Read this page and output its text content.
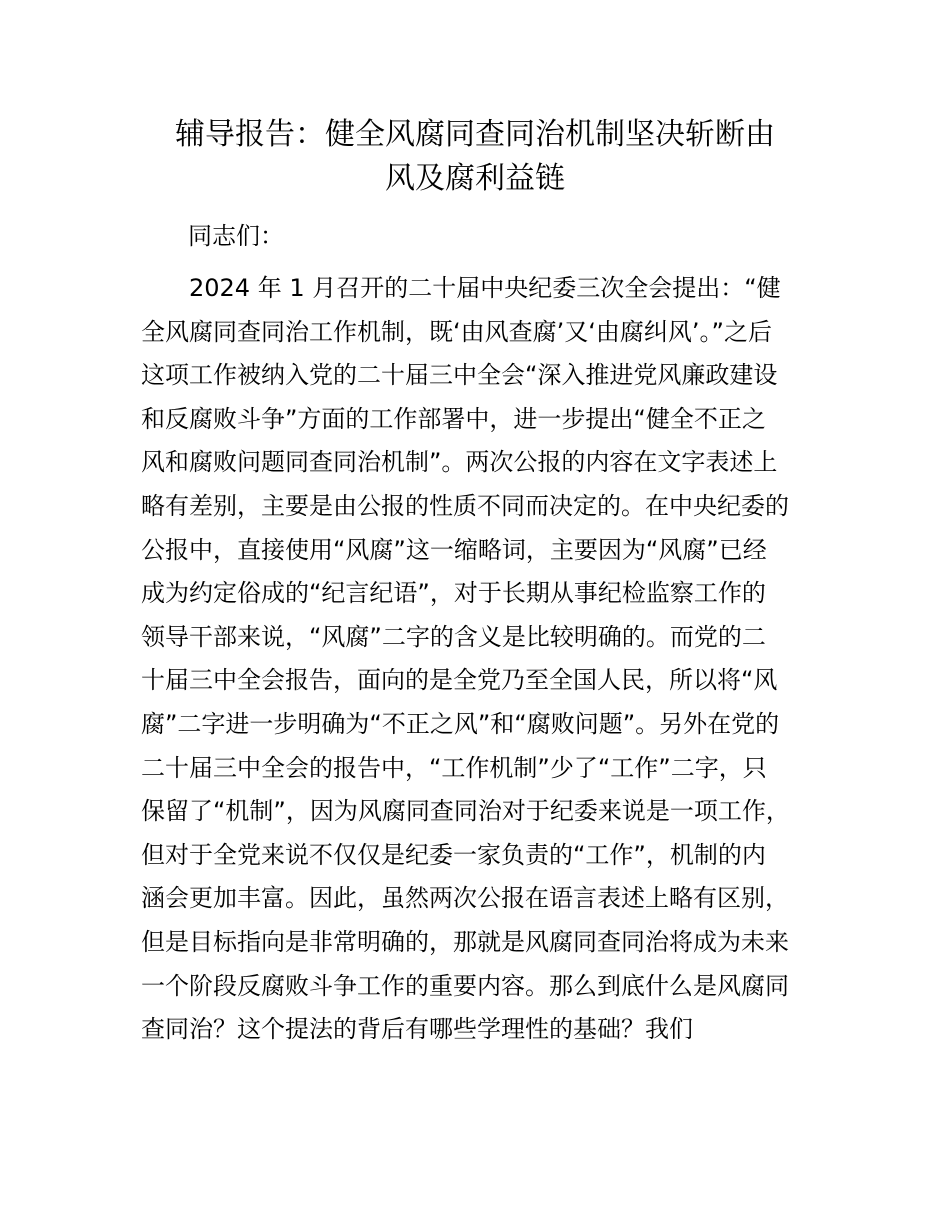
辅导报告：健全风腐同查同治机制坚决斩断由
风及腐利益链

同志们：

2024 年 1 月召开的二十届中央纪委三次全会提出：“健
全风腐同查同治工作机制，既‘由风查腐’又‘由腐纠风’。”之后
这项工作被纳入党的二十届三中全会“深入推进党风廉政建设
和反腐败斗争”方面的工作部署中，进一步提出“健全不正之
风和腐败问题同查同治机制”。两次公报的内容在文字表述上
略有差别，主要是由公报的性质不同而决定的。在中央纪委的
公报中，直接使用“风腐”这一缩略词，主要因为“风腐”已经
成为约定俗成的“纪言纪语”，对于长期从事纪检监察工作的
领导干部来说，“风腐”二字的含义是比较明确的。而党的二
十届三中全会报告，面向的是全党乃至全国人民，所以将“风
腐”二字进一步明确为“不正之风”和“腐败问题”。另外在党的
二十届三中全会的报告中，“工作机制”少了“工作”二字，只
保留了“机制”，因为风腐同查同治对于纪委来说是一项工作，
但对于全党来说不仅仅是纪委一家负责的“工作”，机制的内
涵会更加丰富。因此，虽然两次公报在语言表述上略有区别，
但是目标指向是非常明确的，那就是风腐同查同治将成为未来
一个阶段反腐败斗争工作的重要内容。那么到底什么是风腐同
查同治？这个提法的背后有哪些学理性的基础？我们
